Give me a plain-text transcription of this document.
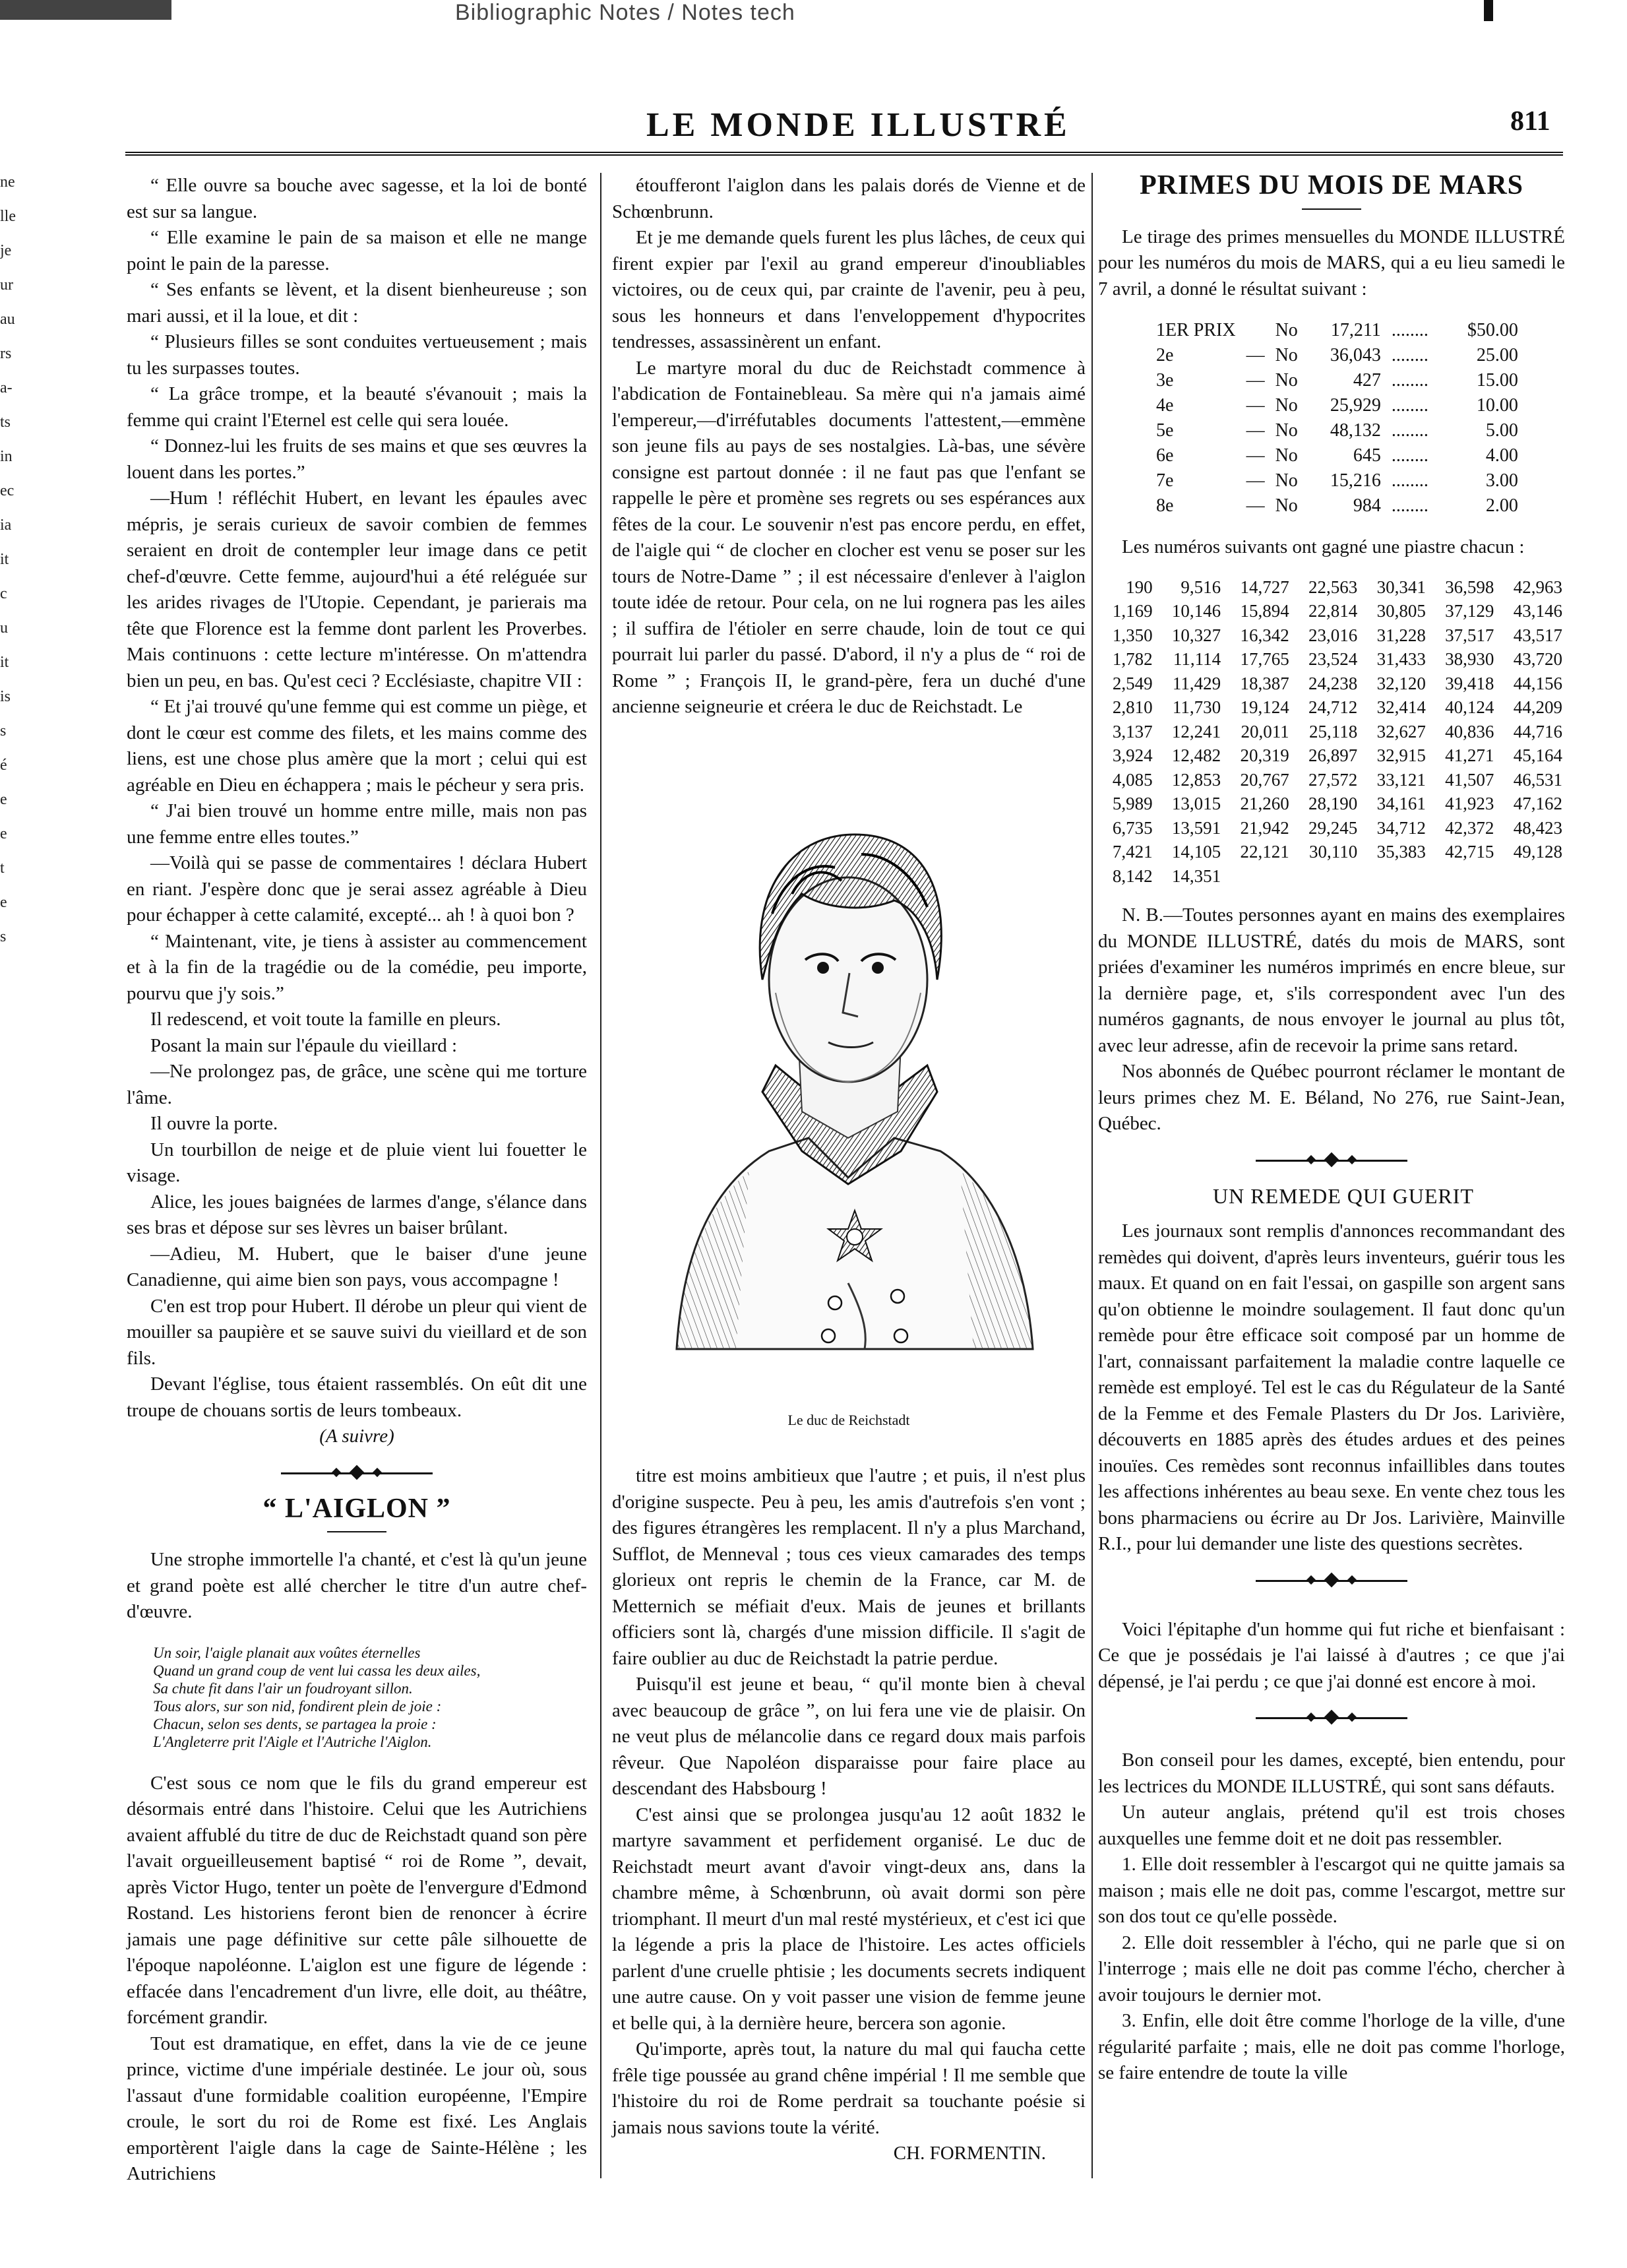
Bibliographic Notes / Notes tech
ne
lle
je
ur
au
rs
a-
ts
in
ec
ia
it
c
u
it
is
s
é
e
e
t
e
s
LE MONDE ILLUSTRÉ	811

“ Elle ouvre sa bouche avec sagesse, et la loi de bonté est sur sa langue.

“ Elle examine le pain de sa maison et elle ne mange point le pain de la paresse.

“ Ses enfants se lèvent, et la disent bienheureuse ; son mari aussi, et il la loue, et dit :

“ Plusieurs filles se sont conduites vertueusement ; mais tu les surpasses toutes.

“ La grâce trompe, et la beauté s'évanouit ; mais la femme qui craint l'Eternel est celle qui sera louée.

“ Donnez-lui les fruits de ses mains et que ses œuvres la louent dans les portes.”

—Hum ! réfléchit Hubert, en levant les épaules avec mépris, je serais curieux de savoir combien de femmes seraient en droit de contempler leur image dans ce petit chef-d'œuvre. Cette femme, aujourd'hui a été reléguée sur les arides rivages de l'Utopie. Cependant, je parierais ma tête que Florence est la femme dont parlent les Proverbes. Mais continuons : cette lecture m'intéresse. On m'attendra bien un peu, en bas. Qu'est ceci ? Ecclésiaste, chapitre VII :

“ Et j'ai trouvé qu'une femme qui est comme un piège, et dont le cœur est comme des filets, et les mains comme des liens, est une chose plus amère que la mort ; celui qui est agréable en Dieu en échappera ; mais le pécheur y sera pris.

“ J'ai bien trouvé un homme entre mille, mais non pas une femme entre elles toutes.”

—Voilà qui se passe de commentaires ! déclara Hubert en riant. J'espère donc que je serai assez agréable à Dieu pour échapper à cette calamité, excepté... ah ! à quoi bon ?

“ Maintenant, vite, je tiens à assister au commencement et à la fin de la tragédie ou de la comédie, peu importe, pourvu que j'y sois.”

Il redescend, et voit toute la famille en pleurs.

Posant la main sur l'épaule du vieillard :

—Ne prolongez pas, de grâce, une scène qui me torture l'âme.

Il ouvre la porte.

Un tourbillon de neige et de pluie vient lui fouetter le visage.

Alice, les joues baignées de larmes d'ange, s'élance dans ses bras et dépose sur ses lèvres un baiser brûlant.

—Adieu, M. Hubert, que le baiser d'une jeune Canadienne, qui aime bien son pays, vous accompagne !

C'en est trop pour Hubert. Il dérobe un pleur qui vient de mouiller sa paupière et se sauve suivi du vieillard et de son fils.

Devant l'église, tous étaient rassemblés. On eût dit une troupe de chouans sortis de leurs tombeaux.

(A suivre)

“ L'AIGLON ”

Une strophe immortelle l'a chanté, et c'est là qu'un jeune et grand poète est allé chercher le titre d'un autre chef-d'œuvre.

Un soir, l'aigle planait aux voûtes éternelles
Quand un grand coup de vent lui cassa les deux ailes,
Sa chute fit dans l'air un foudroyant sillon.
Tous alors, sur son nid, fondirent plein de joie :
Chacun, selon ses dents, se partagea la proie :
L'Angleterre prit l'Aigle et l'Autriche l'Aiglon.

C'est sous ce nom que le fils du grand empereur est désormais entré dans l'histoire. Celui que les Autrichiens avaient affublé du titre de duc de Reichstadt quand son père l'avait orgueilleusement baptisé “ roi de Rome ”, devait, après Victor Hugo, tenter un poète de l'envergure d'Edmond Rostand. Les historiens feront bien de renoncer à écrire jamais une page définitive sur cette pâle silhouette de l'époque napoléonne. L'aiglon est une figure de légende : effacée dans l'encadrement d'un livre, elle doit, au théâtre, forcément grandir.

Tout est dramatique, en effet, dans la vie de ce jeune prince, victime d'une impériale destinée. Le jour où, sous l'assaut d'une formidable coalition européenne, l'Empire croule, le sort du roi de Rome est fixé. Les Anglais emportèrent l'aigle dans la cage de Sainte-Hélène ; les Autrichiens

étoufferont l'aiglon dans les palais dorés de Vienne et de Schœnbrunn.

Et je me demande quels furent les plus lâches, de ceux qui firent expier par l'exil au grand empereur d'inoubliables victoires, ou de ceux qui, par crainte de l'avenir, peu à peu, sous les honneurs et dans l'enveloppement d'hypocrites tendresses, assassinèrent un enfant.

Le martyre moral du duc de Reichstadt commence à l'abdication de Fontainebleau. Sa mère qui n'a jamais aimé l'empereur,—d'irréfutables documents l'attestent,—emmène son jeune fils au pays de ses nostalgies. Là-bas, une sévère consigne est partout donnée : il ne faut pas que l'enfant se rappelle le père et promène ses regrets ou ses espérances aux fêtes de la cour. Le souvenir n'est pas encore perdu, en effet, de l'aigle qui “ de clocher en clocher est venu se poser sur les tours de Notre-Dame ” ; il est nécessaire d'enlever à l'aiglon toute idée de retour. Pour cela, on ne lui rognera pas les ailes ; il suffira de l'étioler en serre chaude, loin de tout ce qui pourrait lui parler du passé. D'abord, il n'y a plus de “ roi de Rome ” ; François II, le grand-père, fera un duché d'une ancienne seigneurie et créera le duc de Reichstadt. Le

Le duc de Reichstadt

titre est moins ambitieux que l'autre ; et puis, il n'est plus d'origine suspecte. Peu à peu, les amis d'autrefois s'en vont ; des figures étrangères les remplacent. Il n'y a plus Marchand, Sufflot, de Menneval ; tous ces vieux camarades des temps glorieux ont repris le chemin de la France, car M. de Metternich se méfiait d'eux. Mais de jeunes et brillants officiers sont là, chargés d'une mission difficile. Il s'agit de faire oublier au duc de Reichstadt la patrie perdue.

Puisqu'il est jeune et beau, “ qu'il monte bien à cheval avec beaucoup de grâce ”, on lui fera une vie de plaisir. On ne veut plus de mélancolie dans ce regard doux mais parfois rêveur. Que Napoléon disparaisse pour faire place au descendant des Habsbourg !

C'est ainsi que se prolongea jusqu'au 12 août 1832 le martyre savamment et perfidement organisé. Le duc de Reichstadt meurt avant d'avoir vingt-deux ans, dans la chambre même, à Schœnbrunn, où avait dormi son père triomphant. Il meurt d'un mal resté mystérieux, et c'est ici que la légende a pris la place de l'histoire. Les actes officiels parlent d'une cruelle phtisie ; les documents secrets indiquent une autre cause. On y voit passer une vision de femme jeune et belle qui, à la dernière heure, bercera son agonie.

Qu'importe, après tout, la nature du mal qui faucha cette frêle tige poussée au grand chêne impérial ! Il me semble que l'histoire du roi de Rome perdrait sa touchante poésie si jamais nous savions toute la vérité.

CH. FORMENTIN.

PRIMES DU MOIS DE MARS

Le tirage des primes mensuelles du MONDE ILLUSTRÉ pour les numéros du mois de MARS, qui a eu lieu samedi le 7 avril, a donné le résultat suivant :

1ER PRIX		No	17,211	........	$50.00
2e	—	No	36,043	........	25.00
3e	—	No	427	........	15.00
4e	—	No	25,929	........	10.00
5e	—	No	48,132	........	5.00
6e	—	No	645	........	4.00
7e	—	No	15,216	........	3.00
8e	—	No	984	........	2.00

Les numéros suivants ont gagné une piastre chacun :

190	9,516	14,727	22,563	30,341	36,598	42,963
1,169	10,146	15,894	22,814	30,805	37,129	43,146
1,350	10,327	16,342	23,016	31,228	37,517	43,517
1,782	11,114	17,765	23,524	31,433	38,930	43,720
2,549	11,429	18,387	24,238	32,120	39,418	44,156
2,810	11,730	19,124	24,712	32,414	40,124	44,209
3,137	12,241	20,011	25,118	32,627	40,836	44,716
3,924	12,482	20,319	26,897	32,915	41,271	45,164
4,085	12,853	20,767	27,572	33,121	41,507	46,531
5,989	13,015	21,260	28,190	34,161	41,923	47,162
6,735	13,591	21,942	29,245	34,712	42,372	48,423
7,421	14,105	22,121	30,110	35,383	42,715	49,128
8,142	14,351					

N. B.—Toutes personnes ayant en mains des exemplaires du MONDE ILLUSTRÉ, datés du mois de MARS, sont priées d'examiner les numéros imprimés en encre bleue, sur la dernière page, et, s'ils correspondent avec l'un des numéros gagnants, de nous envoyer le journal au plus tôt, avec leur adresse, afin de recevoir la prime sans retard.

Nos abonnés de Québec pourront réclamer le montant de leurs primes chez M. E. Béland, No 276, rue Saint-Jean, Québec.

UN REMEDE QUI GUERIT

Les journaux sont remplis d'annonces recommandant des remèdes qui doivent, d'après leurs inventeurs, guérir tous les maux. Et quand on en fait l'essai, on gaspille son argent sans qu'on obtienne le moindre soulagement. Il faut donc qu'un remède pour être efficace soit composé par un homme de l'art, connaissant parfaitement la maladie contre laquelle ce remède est employé. Tel est le cas du Régulateur de la Santé de la Femme et des Female Plasters du Dr Jos. Larivière, découverts en 1885 après des études ardues et des peines inouïes. Ces remèdes sont reconnus infaillibles dans toutes les affections inhérentes au beau sexe. En vente chez tous les bons pharmaciens ou écrire au Dr Jos. Larivière, Mainville R.I., pour lui demander une liste des questions secrètes.

Voici l'épitaphe d'un homme qui fut riche et bienfaisant : Ce que je possédais je l'ai laissé à d'autres ; ce que j'ai dépensé, je l'ai perdu ; ce que j'ai donné est encore à moi.

Bon conseil pour les dames, excepté, bien entendu, pour les lectrices du MONDE ILLUSTRÉ, qui sont sans défauts.

Un auteur anglais, prétend qu'il est trois choses auxquelles une femme doit et ne doit pas ressembler.

1. Elle doit ressembler à l'escargot qui ne quitte jamais sa maison ; mais elle ne doit pas, comme l'escargot, mettre sur son dos tout ce qu'elle possède.

2. Elle doit ressembler à l'écho, qui ne parle que si on l'interroge ; mais elle ne doit pas comme l'écho, chercher à avoir toujours le dernier mot.

3. Enfin, elle doit être comme l'horloge de la ville, d'une régularité parfaite ; mais, elle ne doit pas comme l'horloge, se faire entendre de toute la ville
